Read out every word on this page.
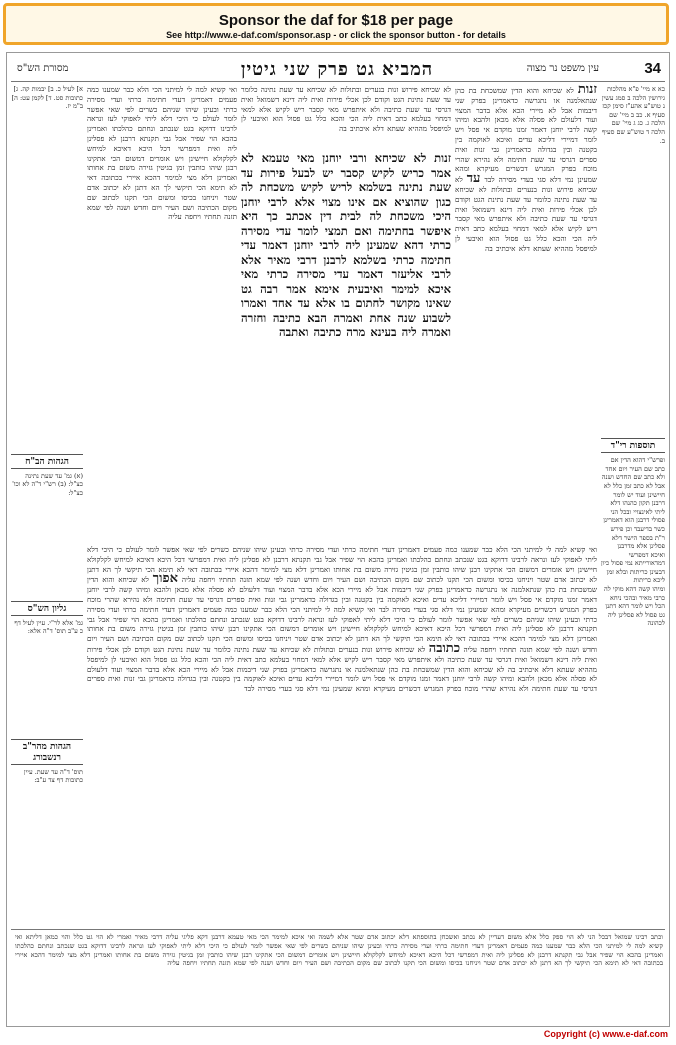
Sponsor the daf for $18 per page
See http://www.e-daf.com/sponsor.asp - or click the sponsor button - for details
מסורת הש"ס	המביא גט פרק שני גיטין	עין משפט נר מצוה	34
א] לעיל כ. ב] יבמות קה. ג] כתובות סט. ד] לקמן עט: ה] ב"מ יז.
הגהות הב"ח
(א) גמ' עד שעת נתינה כצ"ל: (ב) רש"י ד"ה לא וכו' כצ"ל:
גליון הש"ס
גמ' אלא לר"י. עיין לעיל דף כ ע"ב תוס' ד"ה אלא:
הגהות מהר"ב רנשבורג
תוס' ד"ה עד שעת. עיין כתובות דף צד ע"ב:
ואי קשיא למה לי למיתני הכי הלא כבר שמענו כמה פעמים דאמרינן דעדי חתימה כרתי ועדי מסירה כרתי ובעינן שיהו שניהם כשרים לפי שאי אפשר לומר לעולם כי היכי דלא ליתי לאפוקי לעז ונראה לרבינו דדוקא בגט שנכתב ונחתם כהלכתו ואמרינן בהכא הוי שפיר אבל גבי תקנתא דרבנן לא פסלינן ליה ואית דמפרשי דכל היכא דאיכא למיחש לקלקולא חיישינן ויש אומרים דמשום הכי אתקינו רבנן שיהו כותבין זמן בגיטין גזירה משום בת אחותו ואמרינן דלא מצי למימר דהכא איירי בכתובה דאי לא תימא הכי תיקשי לך הא דתנן לא יכתוב אדם שטר ויניחנו בכיסו ומשום הכי תקנו לכתוב שם מקום הכתיבה ושם העיר ויום וחדש ושנה לפי שמא תזנה תחתיו ויחפה עליה
לא שכיחא פירוש זנות בנערים ובתולות לא שכיחא עד שעת נתינה כלומר עד שעת נתינת הגט וקודם לכן אכלי פירות ואית ליה דינא דשמואל ואית דגרסי עד שעת כתיבה ולא איתפרש מאי קסבר ריש לקיש אלא למאי דמחוי בעלמא כתב דאית ליה הכי והכא כלל גט פסול הוא ואיבעי לן למיפסל מההיא שעתא דלא איכתיב בה
זנות לא שכיחא ורבי יוחנן מאי טעמא לא אמר כריש לקיש קסבר יש לבעל פירות עד שעת נתינה בשלמא לריש לקיש משכחת לה כגון שהוציא אם אינו מצוי אלא לרבי יוחנן היכי משכחת לה לבית דין אכתב כך היא איפשר בחתימה ואם תמצי לומר עדי מסירה כרתי דהא שמעינן ליה לרבי יוחנן דאמר עדי חתימה כרתי בשלמא לרבנן דרבי מאיר אלא לרבי אליעזר דאמר עדי מסירה כרתי מאי איכא למימר ואיבעית אימא אמר רבה גט שאינו מקושר לחתום בו אלא עד אחד ואמרו לשבוע שנה אחת ואמרה הבא כתיבה וחזרה ואמרה ליה בעינא מרה כתיבה ואתבה
זנות לא שכיחא והוא הדין שמשכחת בת כהן שנתאלמנה או נתגרשה כדאמרינן בפרק שני דיבמות אבל לא מיירי הכא אלא בדבר המצוי ועוד דלעולם לא פסלה אלא מכאן ולהבא ומיהו קשה לרבי יוחנן דאמר זמנו מוקדם אי פסל ויש לומר דמיירי דליכא עדים ואיכא לאוקמה בין בקטנה ובין בגדולה כדאמרינן גבי זנות ואית ספרים דגרסי עד שעת חתימה ולא נהירא שהרי מוכח בפרק המגרש דכשרים מעיקרא ומהא שמעינן נמי דלא סגי בעדי מסירה לבד עד לא שכיחא פירוש זנות בנערים ובתולות לא שכיחא עד שעת נתינה כלומר עד שעת נתינת הגט וקודם לכן אכלי פירות ואית ליה דינא דשמואל ואית דגרסי עד שעת כתיבה ולא איתפרש מאי קסבר ריש לקיש אלא למאי דמחוי בעלמא כתב דאית ליה הכי והכא כלל גט פסול הוא ואיבעי לן למיפסל מההיא שעתא דלא איכתיב בה
כא א מיי' פ"א מהלכות גירושין הלכה ב סמג עשין נ טוש"ע אהע"ז סימן קכז סעיף א. כב ב מיי' שם הלכה ג. כג ג מיי' שם הלכה ד טוש"ע שם סעיף ב.
תוספות רי"ד
ופרש"י דהוא הדין אם כתב שם העיר ויום אחד ולא כתב שם החדש ושנה אבל לא כתב זמן כלל לא חיישינן ועוד יש לומר דרבנן תקון כהנהו דלא ליתי לאינצויי ובכל הני פסולי דרבנן הוא דאמרינן כשר בדיעבד וכן פירש ר"ת בספר הישר דלא פסלינן אלא מדרבנן ואיכא דמפרשי דמדאורייתא נמי פסול כיון דבעינן כריתות ובלא זמן ליכא כריתות
ומיהו קשה דהא מוקי לה כרבי מאיר ובהכי ניחא הכל ויש לומר דהא דתנן גט פסול לא פסלינן ליה לכהונה
ואי קשיא למה לי למיתני הכי הלא כבר שמענו כמה פעמים דאמרינן דעדי חתימה כרתי ועדי מסירה כרתי ובעינן שיהו שניהם כשרים לפי שאי אפשר לומר לעולם כי היכי דלא ליתי לאפוקי לעז ונראה לרבינו דדוקא בגט שנכתב ונחתם כהלכתו ואמרינן בהכא הוי שפיר אבל גבי תקנתא דרבנן לא פסלינן ליה ואית דמפרשי דכל היכא דאיכא למיחש לקלקולא חיישינן ויש אומרים דמשום הכי אתקינו רבנן שיהו כותבין זמן בגיטין גזירה משום בת אחותו ואמרינן דלא מצי למימר דהכא איירי בכתובה דאי לא תימא הכי תיקשי לך הא דתנן לא יכתוב אדם שטר ויניחנו בכיסו ומשום הכי תקנו לכתוב שם מקום הכתיבה ושם העיר ויום וחדש ושנה לפי שמא תזנה תחתיו ויחפה עליה אפוך לא שכיחא והוא הדין שמשכחת בת כהן שנתאלמנה או נתגרשה כדאמרינן בפרק שני דיבמות אבל לא מיירי הכא אלא בדבר המצוי ועוד דלעולם לא פסלה אלא מכאן ולהבא ומיהו קשה לרבי יוחנן דאמר זמנו מוקדם אי פסל ויש לומר דמיירי דליכא עדים ואיכא לאוקמה בין בקטנה ובין בגדולה כדאמרינן גבי זנות ואית ספרים דגרסי עד שעת חתימה ולא נהירא שהרי מוכח בפרק המגרש דכשרים מעיקרא ומהא שמעינן נמי דלא סגי בעדי מסירה לבד ואי קשיא למה לי למיתני הכי הלא כבר שמענו כמה פעמים דאמרינן דעדי חתימה כרתי ועדי מסירה כרתי ובעינן שיהו שניהם כשרים לפי שאי אפשר לומר לעולם כי היכי דלא ליתי לאפוקי לעז ונראה לרבינו דדוקא בגט שנכתב ונחתם כהלכתו ואמרינן בהכא הוי שפיר אבל גבי תקנתא דרבנן לא פסלינן ליה ואית דמפרשי דכל היכא דאיכא למיחש לקלקולא חיישינן ויש אומרים דמשום הכי אתקינו רבנן שיהו כותבין זמן בגיטין גזירה משום בת אחותו ואמרינן דלא מצי למימר דהכא איירי בכתובה דאי לא תימא הכי תיקשי לך הא דתנן לא יכתוב אדם שטר ויניחנו בכיסו ומשום הכי תקנו לכתוב שם מקום הכתיבה ושם העיר ויום וחדש ושנה לפי שמא תזנה תחתיו ויחפה עליה כתובה לא שכיחא פירוש זנות בנערים ובתולות לא שכיחא עד שעת נתינה כלומר עד שעת נתינת הגט וקודם לכן אכלי פירות ואית ליה דינא דשמואל ואית דגרסי עד שעת כתיבה ולא איתפרש מאי קסבר ריש לקיש אלא למאי דמחוי בעלמא כתב דאית ליה הכי והכא כלל גט פסול הוא ואיבעי לן למיפסל מההיא שעתא דלא איכתיב בה לא שכיחא והוא הדין שמשכחת בת כהן שנתאלמנה או נתגרשה כדאמרינן בפרק שני דיבמות אבל לא מיירי הכא אלא בדבר המצוי ועוד דלעולם לא פסלה אלא מכאן ולהבא ומיהו קשה לרבי יוחנן דאמר זמנו מוקדם אי פסל ויש לומר דמיירי דליכא עדים ואיכא לאוקמה בין בקטנה ובין בגדולה כדאמרינן גבי זנות ואית ספרים דגרסי עד שעת חתימה ולא נהירא שהרי מוכח בפרק המגרש דכשרים מעיקרא ומהא שמעינן נמי דלא סגי בעדי מסירה לבד
וכתב רבינו שמואל דבכל הני לא הוי ספק כלל אלא משום דעדיין לא נכתב ואשכחן בתוספתא דלא יכתוב אדם שטר אלא לשמה ואי איכא למימר הכי מאי טעמא דרבנן דקא פליגי עליה דרבי מאיר ואמרי לא הוי גט כלל והוי כמאן דליתא ואי קשיא למה לי למיתני הכי הלא כבר שמענו כמה פעמים דאמרינן דעדי חתימה כרתי ועדי מסירה כרתי ובעינן שיהו שניהם כשרים לפי שאי אפשר לומר לעולם כי היכי דלא ליתי לאפוקי לעז ונראה לרבינו דדוקא בגט שנכתב ונחתם כהלכתו ואמרינן בהכא הוי שפיר אבל גבי תקנתא דרבנן לא פסלינן ליה ואית דמפרשי דכל היכא דאיכא למיחש לקלקולא חיישינן ויש אומרים דמשום הכי אתקינו רבנן שיהו כותבין זמן בגיטין גזירה משום בת אחותו ואמרינן דלא מצי למימר דהכא איירי בכתובה דאי לא תימא הכי תיקשי לך הא דתנן לא יכתוב אדם שטר ויניחנו בכיסו ומשום הכי תקנו לכתוב שם מקום הכתיבה ושם העיר ויום וחדש ושנה לפי שמא תזנה תחתיו ויחפה עליה
Copyright (c) www.e-daf.com
